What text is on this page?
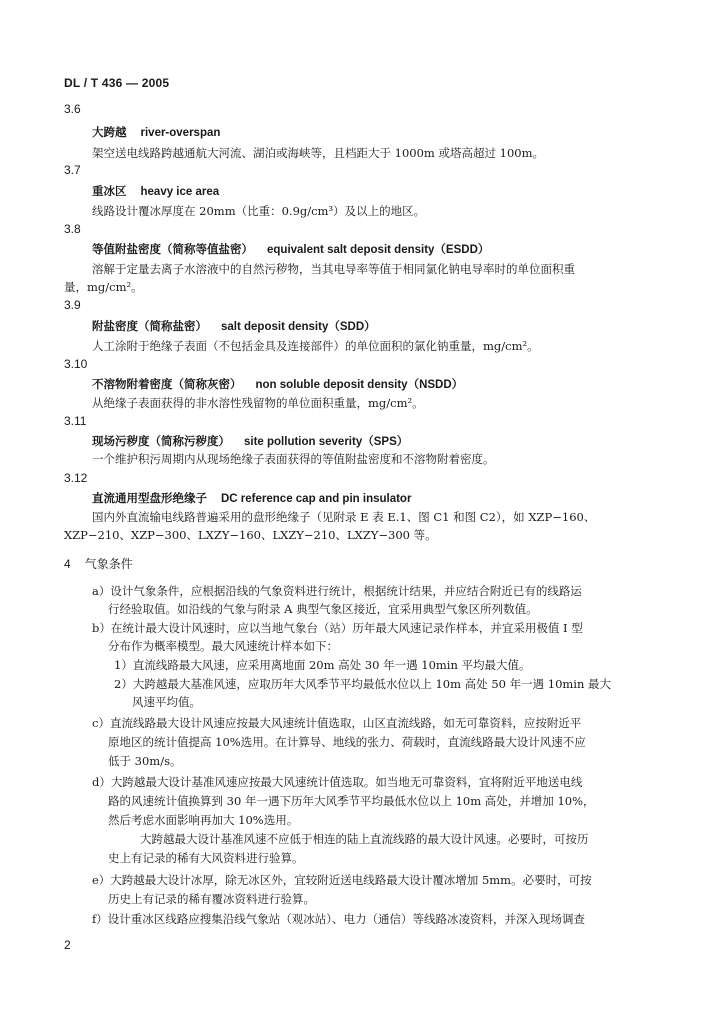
DL / T 436 — 2005
3.6
大跨越 river-overspan
架空送电线路跨越通航大河流、湖泊或海峡等，且档距大于 1000m 或塔高超过 100m。
3.7
重冰区 heavy ice area
线路设计覆冰厚度在 20mm（比重：0.9g/cm³）及以上的地区。
3.8
等值附盐密度（简称等值盐密） equivalent salt deposit density（ESDD）
溶解于定量去离子水溶液中的自然污秽物，当其电导率等值于相同氯化钠电导率时的单位面积重
量，mg/cm²。
3.9
附盐密度（简称盐密） salt deposit density（SDD）
人工涂附于绝缘子表面（不包括金具及连接部件）的单位面积的氯化钠重量，mg/cm²。
3.10
不溶物附着密度（简称灰密） non soluble deposit density（NSDD）
从绝缘子表面获得的非水溶性残留物的单位面积重量，mg/cm²。
3.11
现场污秽度（简称污秽度） site pollution severity（SPS）
一个维护积污周期内从现场绝缘子表面获得的等值附盐密度和不溶物附着密度。
3.12
直流通用型盘形绝缘子 DC reference cap and pin insulator
国内外直流输电线路普遍采用的盘形绝缘子（见附录 E 表 E.1、图 C1 和图 C2），如 XZP−160、
XZP−210、XZP−300、LXZY−160、LXZY−210、LXZY−300 等。
4 气象条件
a）设计气象条件，应根据沿线的气象资料进行统计，根据统计结果，并应结合附近已有的线路运
行经验取值。如沿线的气象与附录 A 典型气象区接近，宜采用典型气象区所列数值。
b）在统计最大设计风速时，应以当地气象台（站）历年最大风速记录作样本，并宜采用极值 I 型
分布作为概率模型。最大风速统计样本如下：
1）直流线路最大风速，应采用离地面 20m 高处 30 年一遇 10min 平均最大值。
2）大跨越最大基准风速，应取历年大风季节平均最低水位以上 10m 高处 50 年一遇 10min 最大
风速平均值。
c）直流线路最大设计风速应按最大风速统计值选取，山区直流线路，如无可靠资料，应按附近平
原地区的统计值提高 10%选用。在计算导、地线的张力、荷载时，直流线路最大设计风速不应
低于 30m/s。
d）大跨越最大设计基准风速应按最大风速统计值选取。如当地无可靠资料，宜将附近平地送电线
路的风速统计值换算到 30 年一遇下历年大风季节平均最低水位以上 10m 高处，并增加 10%，
然后考虑水面影响再加大 10%选用。
大跨越最大设计基准风速不应低于相连的陆上直流线路的最大设计风速。必要时，可按历
史上有记录的稀有大风资料进行验算。
e）大跨越最大设计冰厚，除无冰区外，宜较附近送电线路最大设计覆冰增加 5mm。必要时，可按
历史上有记录的稀有覆冰资料进行验算。
f）设计重冰区线路应搜集沿线气象站（观冰站）、电力（通信）等线路冰凌资料，并深入现场调查
2
